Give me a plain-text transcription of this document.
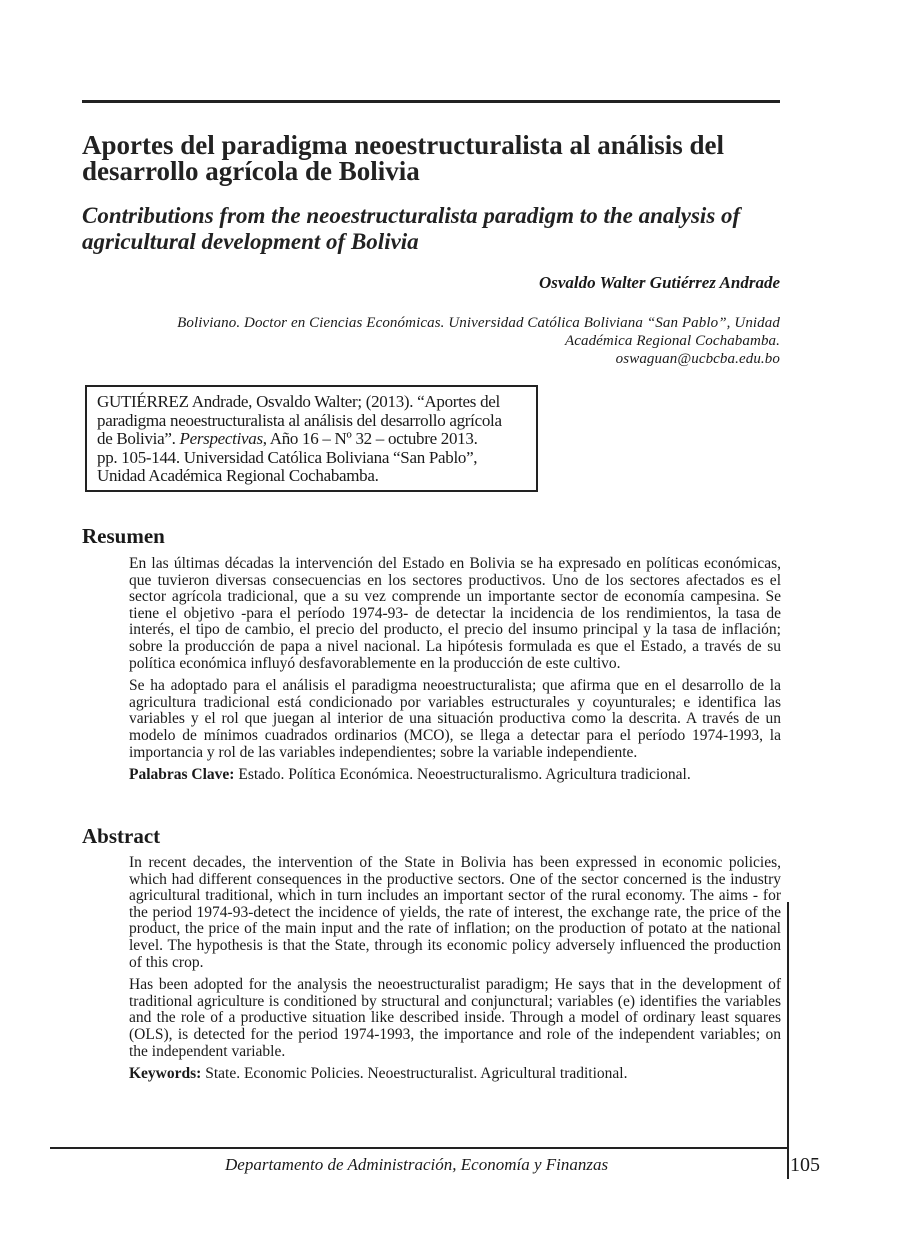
Aportes del paradigma neoestructuralista al análisis del desarrollo agrícola de Bolivia
Contributions from the neoestructuralista paradigm to the analysis of agricultural development of Bolivia
Osvaldo Walter Gutiérrez Andrade
Boliviano. Doctor en Ciencias Económicas. Universidad Católica Boliviana “San Pablo”, Unidad
Académica Regional Cochabamba.
oswaguan@ucbcba.edu.bo
GUTIÉRREZ Andrade, Osvaldo Walter; (2013). “Aportes del
paradigma neoestructuralista al análisis del desarrollo agrícola
de Bolivia”. Perspectivas, Año 16 – Nº 32 – octubre 2013.
pp. 105-144. Universidad Católica Boliviana “San Pablo”,
Unidad Académica Regional Cochabamba.
Resumen

En las últimas décadas la intervención del Estado en Bolivia se ha expresado en políticas económicas, que tuvieron diversas consecuencias en los sectores productivos. Uno de los sectores afectados es el sector agrícola tradicional, que a su vez comprende un importante sector de economía campesina. Se tiene el objetivo -para el período 1974-93- de detectar la incidencia de los rendimientos, la tasa de interés, el tipo de cambio, el precio del producto, el precio del insumo principal y la tasa de inflación; sobre la producción de papa a nivel nacional. La hipótesis formulada es que el Estado, a través de su política económica influyó desfavorablemente en la producción de este cultivo.

Se ha adoptado para el análisis el paradigma neoestructuralista; que afirma que en el desarrollo de la agricultura tradicional está condicionado por variables estructurales y coyunturales; e identifica las variables y el rol que juegan al interior de una situación productiva como la descrita. A través de un modelo de mínimos cuadrados ordinarios (MCO), se llega a detectar para el período 1974-1993, la importancia y rol de las variables independientes; sobre la variable independiente.

Palabras Clave: Estado. Política Económica. Neoestructuralismo. Agricultura tradicional.

Abstract

In recent decades, the intervention of the State in Bolivia has been expressed in economic policies, which had different consequences in the productive sectors. One of the sector concerned is the industry agricultural traditional, which in turn includes an important sector of the rural economy. The aims - for the period 1974-93-detect the incidence of yields, the rate of interest, the exchange rate, the price of the product, the price of the main input and the rate of inflation; on the production of potato at the national level. The hypothesis is that the State, through its economic policy adversely influenced the production of this crop.

Has been adopted for the analysis the neoestructuralist paradigm; He says that in the development of traditional agriculture is conditioned by structural and conjunctural; variables (e) identifies the variables and the role of a productive situation like described inside. Through a model of ordinary least squares (OLS), is detected for the period 1974-1993, the importance and role of the independent variables; on the independent variable.

Keywords: State. Economic Policies. Neoestructuralist. Agricultural traditional.

Departamento de Administración, Economía y Finanzas	105
